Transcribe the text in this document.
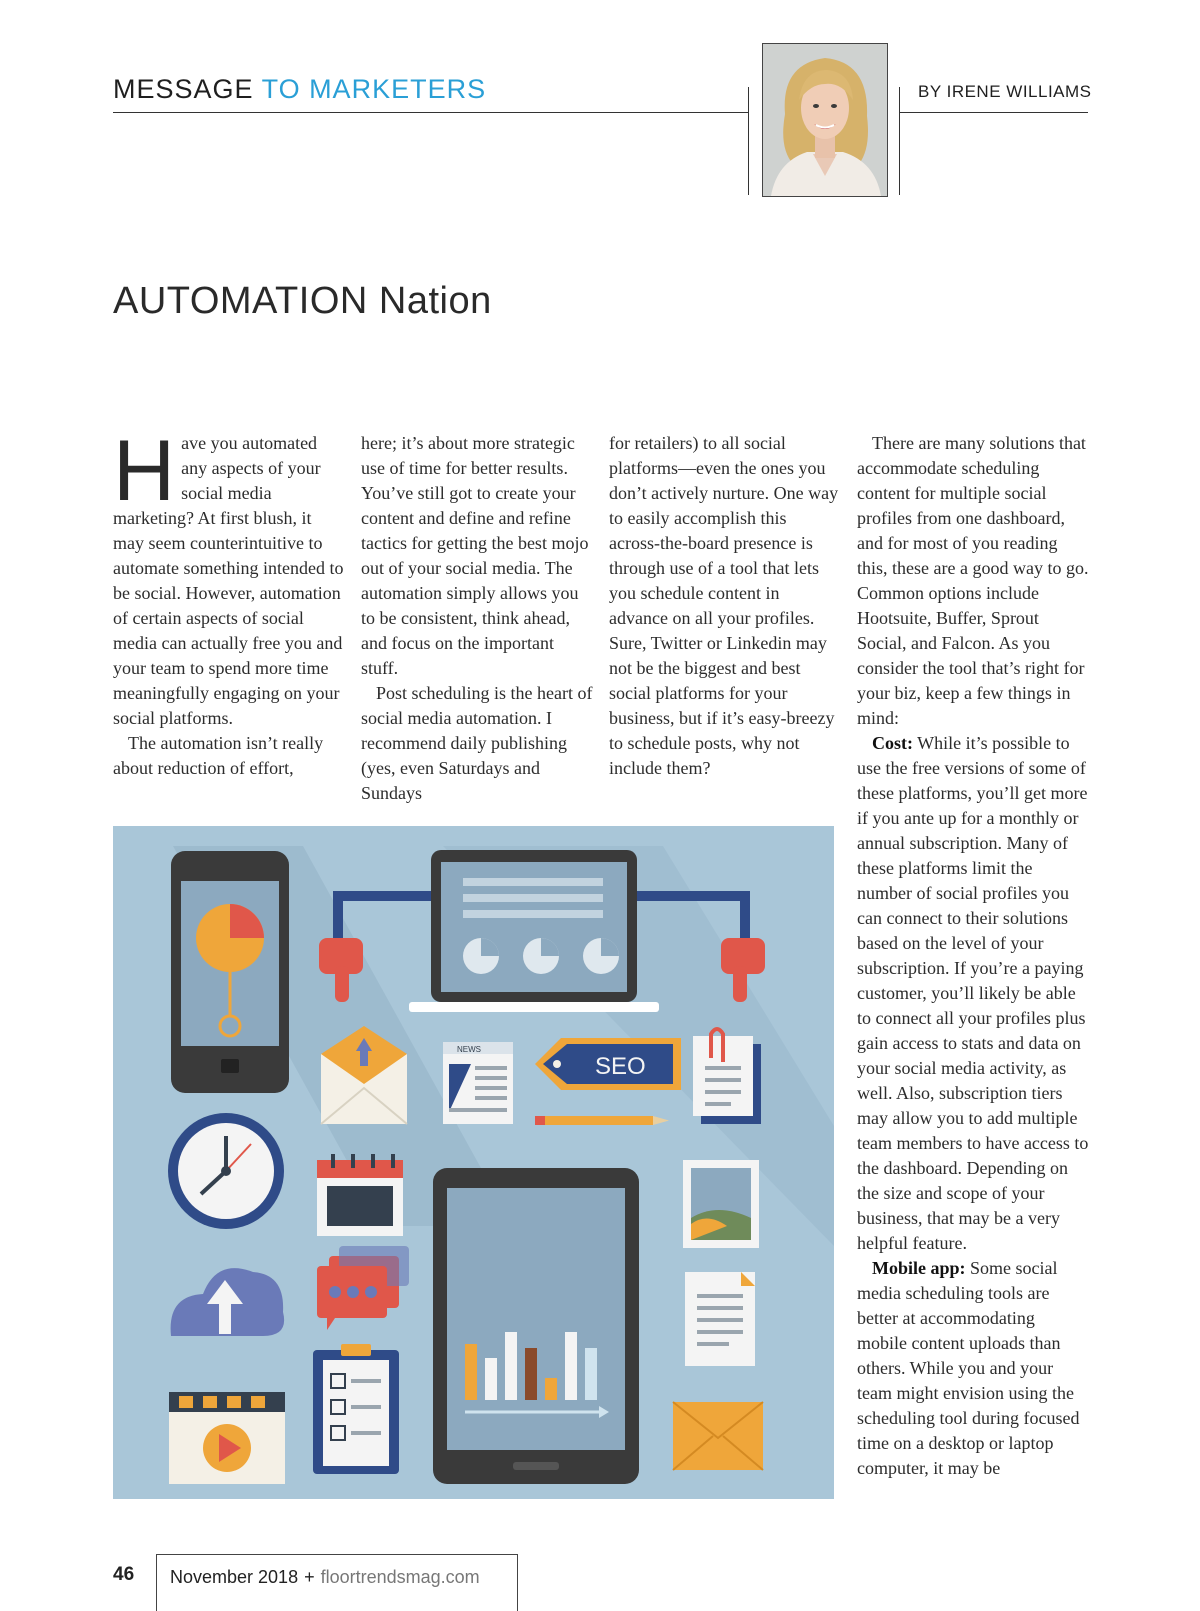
MESSAGE TO MARKETERS	BY IRENE WILLIAMS
AUTOMATION Nation

Have you automated any aspects of your social media marketing? At first blush, it may seem counterintuitive to automate something intended to be social. However, automation of certain aspects of social media can actually free you and your team to spend more time meaningfully engaging on your social platforms.

The automation isn’t really about reduction of effort,

here; it’s about more strategic use of time for better results. You’ve still got to create your content and define and refine tactics for getting the best mojo out of your social media. The automation simply allows you to be consistent, think ahead, and focus on the important stuff.

Post scheduling is the heart of social media automation. I recommend daily publishing (yes, even Saturdays and Sundays

for retailers) to all social platforms—even the ones you don’t actively nurture. One way to easily accomplish this across-the-board presence is through use of a tool that lets you schedule content in advance on all your profiles. Sure, Twitter or Linkedin may not be the biggest and best social platforms for your business, but if it’s easy-breezy to schedule posts, why not include them?

There are many solutions that accommodate scheduling content for multiple social profiles from one dashboard, and for most of you reading this, these are a good way to go. Common options include Hootsuite, Buffer, Sprout Social, and Falcon. As you consider the tool that’s right for your biz, keep a few things in mind:

Cost: While it’s possible to use the free versions of some of these platforms, you’ll get more if you ante up for a monthly or annual subscription. Many of these platforms limit the number of social profiles you can connect to their solutions based on the level of your subscription. If you’re a paying customer, you’ll likely be able to connect all your profiles plus gain access to stats and data on your social media activity, as well. Also, subscription tiers may allow you to add multiple team members to have access to the dashboard. Depending on the size and scope of your business, that may be a very helpful feature.

Mobile app: Some social media scheduling tools are better at accommodating mobile content uploads than others. While you and your team might envision using the scheduling tool during focused time on a desktop or laptop computer, it may be

NEWS
SEO
46 November 2018 + floortrendsmag.com
